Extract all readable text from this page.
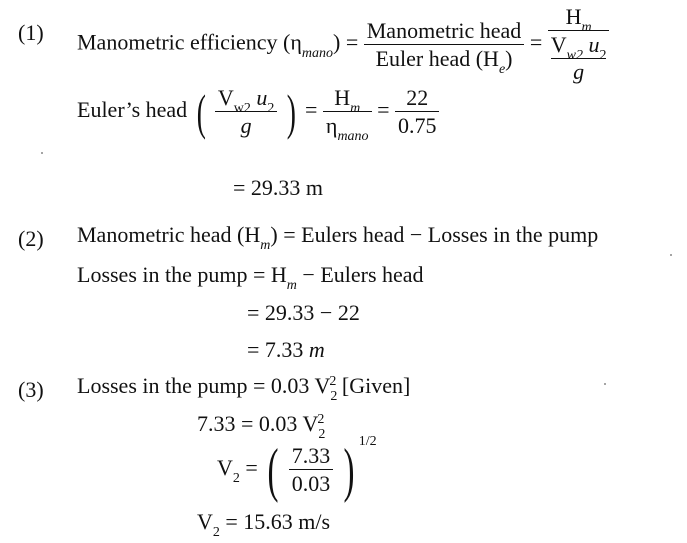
(1) Manometric efficiency $(\eta_{mano}) = \frac{\text{Manometric head}}{Euler head (H_e)} = H_m$
$V_{w2}$ $u_2$
g
Euler’s head ( $\frac{V_{w2} u_2}{g}$ ) = $\frac{H_m}{\eta_{mano}} = \frac{22}{0.75}$
= 29.33 m
(2) Manometric head $(H_m)$ = Eulers head − Losses in the pump
Losses in the pump = $H_m$ − Eulers head
= 29.33 − 22
= 7.33 m
(3) Losses in the pump = 0.03 $V_2^2$ [Given]
7.33 = 0.03 $V_2^2$
$V_2$ = ( $\frac{7.33}{0.03}$ ) $^{1/2}$
$V_2 = 15.63$ m/s
